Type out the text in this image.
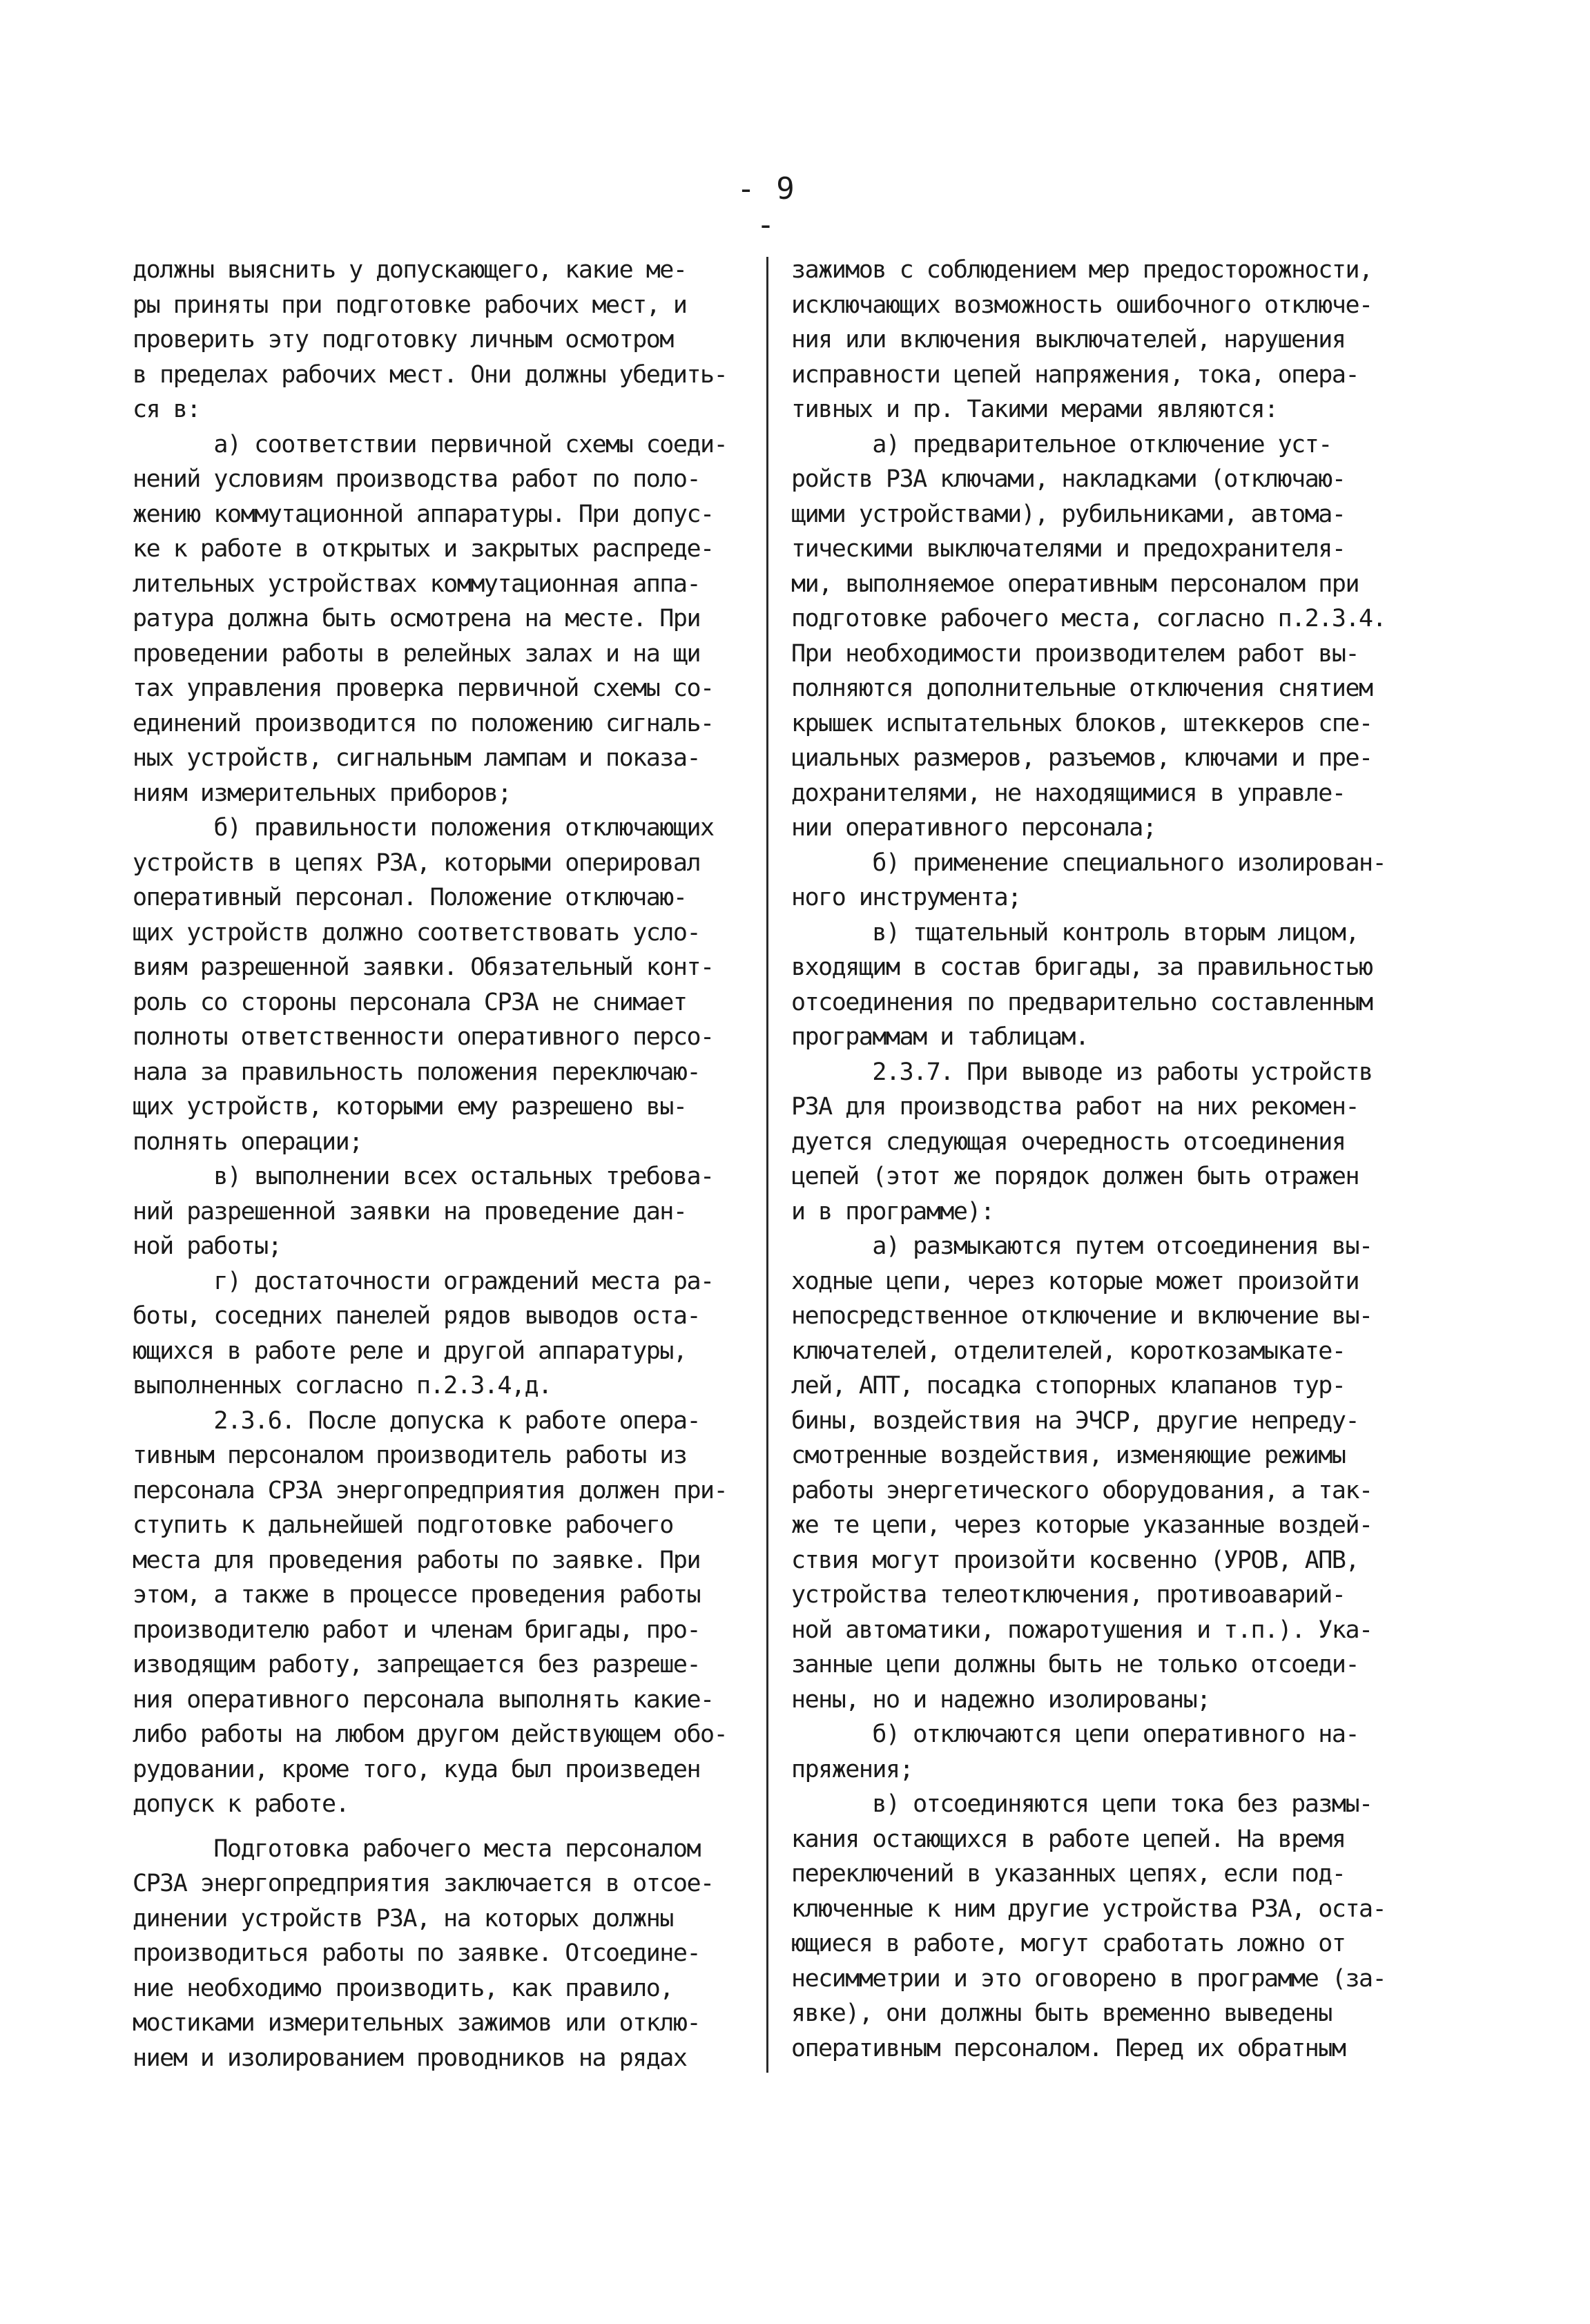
- 9 -
должны выяснить у допускающего, какие ме-
ры приняты при подготовке рабочих мест, и
проверить эту подготовку личным осмотром
в пределах рабочих мест. Они должны убедить-
ся в:
а) соответствии первичной схемы соеди-
нений условиям производства работ по поло-
жению коммутационной аппаратуры. При допус-
ке к работе в открытых и закрытых распреде-
лительных устройствах коммутационная аппа-
ратура должна быть осмотрена на месте. При
проведении работы в релейных залах и на щи
тах управления проверка первичной схемы со-
единений производится по положению сигналь-
ных устройств, сигнальным лампам и показа-
ниям измерительных приборов;
б) правильности положения отключающих
устройств в цепях РЗА, которыми оперировал
оперативный персонал. Положение отключаю-
щих устройств должно соответствовать усло-
виям разрешенной заявки. Обязательный конт-
роль со стороны персонала СРЗА не снимает
полноты ответственности оперативного персо-
нала за правильность положения переключаю-
щих устройств, которыми ему разрешено вы-
полнять операции;
в) выполнении всех остальных требова-
ний разрешенной заявки на проведение дан-
ной работы;
г) достаточности ограждений места ра-
боты, соседних панелей рядов выводов оста-
ющихся в работе реле и другой аппаратуры,
выполненных согласно п.2.3.4,д.
2.3.6. После допуска к работе опера-
тивным персоналом производитель работы из
персонала СРЗА энергопредприятия должен при-
ступить к дальнейшей подготовке рабочего
места для проведения работы по заявке. При
этом, а также в процессе проведения работы
производителю работ и членам бригады, про-
изводящим работу, запрещается без разреше-
ния оперативного персонала выполнять какие-
либо работы на любом другом действующем обо-
рудовании, кроме того, куда был произведен
допуск к работе.
Подготовка рабочего места персоналом
СРЗА энергопредприятия заключается в отсое-
динении устройств РЗА, на которых должны
производиться работы по заявке. Отсоедине-
ние необходимо производить, как правило,
мостиками измерительных зажимов или отклю-
нием и изолированием проводников на рядах
зажимов с соблюдением мер предосторожности,
исключающих возможность ошибочного отключе-
ния или включения выключателей, нарушения
исправности цепей напряжения, тока, опера-
тивных и пр. Такими мерами являются:
а) предварительное отключение уст-
ройств РЗА ключами, накладками (отключаю-
щими устройствами), рубильниками, автома-
тическими выключателями и предохранителя-
ми, выполняемое оперативным персоналом при
подготовке рабочего места, согласно п.2.3.4.
При необходимости производителем работ вы-
полняются дополнительные отключения снятием
крышек испытательных блоков, штеккеров спе-
циальных размеров, разъемов, ключами и пре-
дохранителями, не находящимися в управле-
нии оперативного персонала;
б) применение специального изолирован-
ного инструмента;
в) тщательный контроль вторым лицом,
входящим в состав бригады, за правильностью
отсоединения по предварительно составленным
программам и таблицам.
2.3.7. При выводе из работы устройств
РЗА для производства работ на них рекомен-
дуется следующая очередность отсоединения
цепей (этот же порядок должен быть отражен
и в программе):
а) размыкаются путем отсоединения вы-
ходные цепи, через которые может произойти
непосредственное отключение и включение вы-
ключателей, отделителей, короткозамыкате-
лей, АПТ, посадка стопорных клапанов тур-
бины, воздействия на ЭЧСР, другие непреду-
смотренные воздействия, изменяющие режимы
работы энергетического оборудования, а так-
же те цепи, через которые указанные воздей-
ствия могут произойти косвенно (УРОВ, АПВ,
устройства телеотключения, противоаварий-
ной автоматики, пожаротушения и т.п.). Ука-
занные цепи должны быть не только отсоеди-
нены, но и надежно изолированы;
б) отключаются цепи оперативного на-
пряжения;
в) отсоединяются цепи тока без размы-
кания остающихся в работе цепей. На время
переключений в указанных цепях, если под-
ключенные к ним другие устройства РЗА, оста-
ющиеся в работе, могут сработать ложно от
несимметрии и это оговорено в программе (за-
явке), они должны быть временно выведены
оперативным персоналом. Перед их обратным
